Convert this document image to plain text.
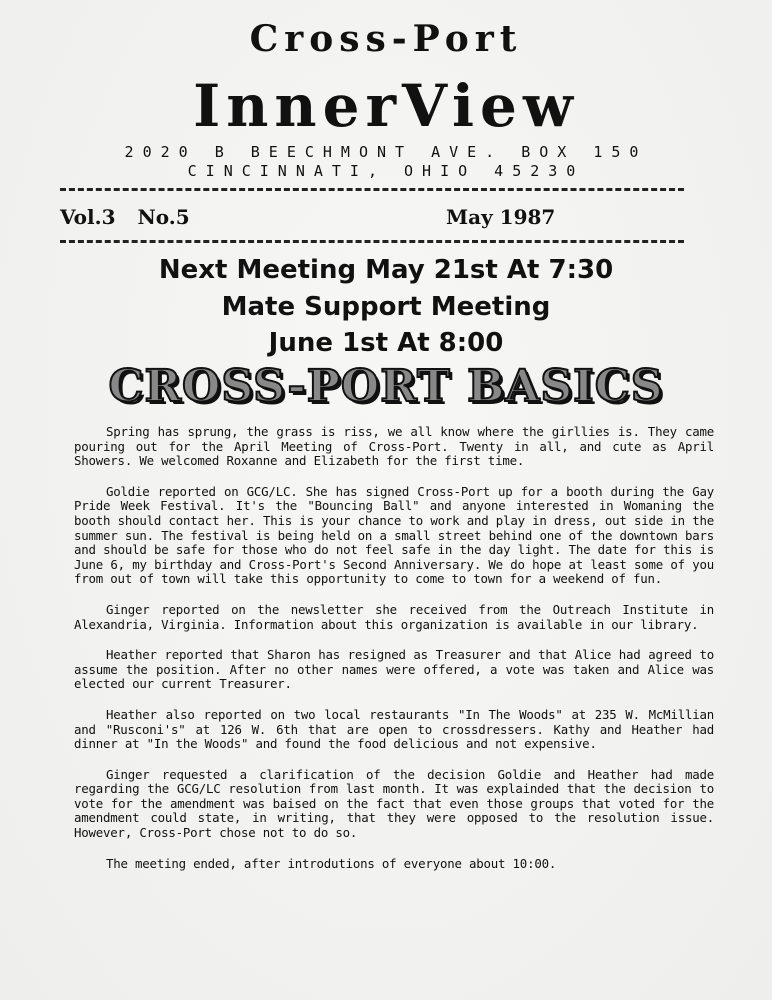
Cross-Port
InnerView
2020 B BEECHMONT AVE. BOX 150
CINCINNATI, OHIO 45230
Vol.3 No.5	May 1987
Next Meeting May 21st At 7:30
Mate Support Meeting
June 1st At 8:00
CROSS-PORT BASICS

Spring has sprung, the grass is riss, we all know where the girllies is. They came pouring out for the April Meeting of Cross-Port. Twenty in all, and cute as April Showers. We welcomed Roxanne and Elizabeth for the first time.

Goldie reported on GCG/LC. She has signed Cross-Port up for a booth during the Gay Pride Week Festival. It's the "Bouncing Ball" and anyone interested in Womaning the booth should contact her. This is your chance to work and play in dress, out side in the summer sun. The festival is being held on a small street behind one of the downtown bars and should be safe for those who do not feel safe in the day light. The date for this is June 6, my birthday and Cross-Port's Second Anniversary. We do hope at least some of you from out of town will take this opportunity to come to town for a weekend of fun.

Ginger reported on the newsletter she received from the Outreach Institute in Alexandria, Virginia. Information about this organization is available in our library.

Heather reported that Sharon has resigned as Treasurer and that Alice had agreed to assume the position. After no other names were offered, a vote was taken and Alice was elected our current Treasurer.

Heather also reported on two local restaurants "In The Woods" at 235 W. McMillian and "Rusconi's" at 126 W. 6th that are open to crossdressers. Kathy and Heather had dinner at "In the Woods" and found the food delicious and not expensive.

Ginger requested a clarification of the decision Goldie and Heather had made regarding the GCG/LC resolution from last month. It was explainded that the decision to vote for the amendment was baised on the fact that even those groups that voted for the amendment could state, in writing, that they were opposed to the resolution issue. However, Cross-Port chose not to do so.

The meeting ended, after introdutions of everyone about 10:00.
